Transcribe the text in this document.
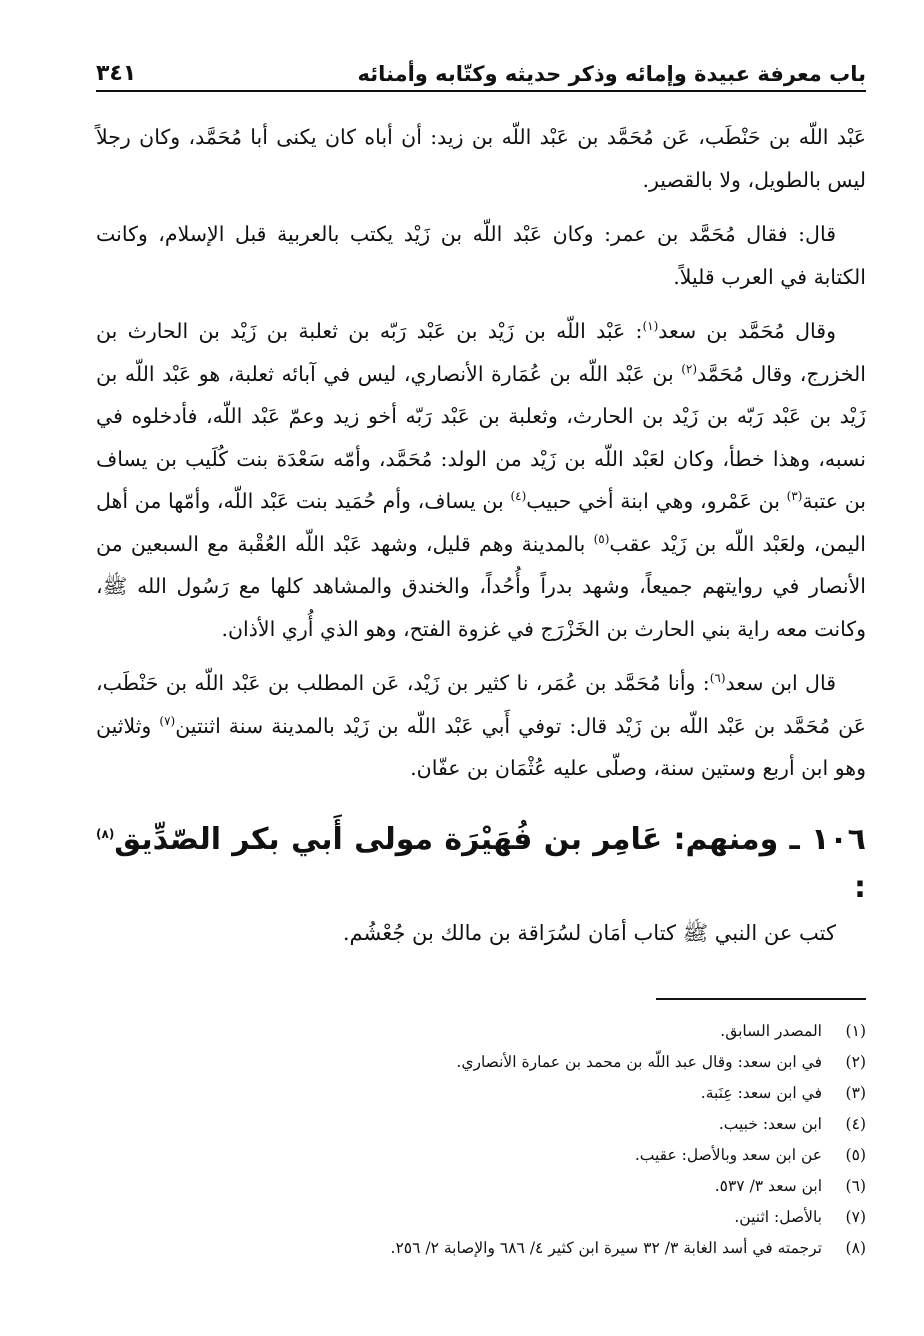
باب معرفة عبيدة وإمائه وذكر حديثه وكتّابه وأمنائه
٣٤١

عَبْد اللّه بن حَنْطَب، عَن مُحَمَّد بن عَبْد اللّه بن زيد: أن أباه كان يكنى أبا مُحَمَّد، وكان رجلاً ليس بالطويل، ولا بالقصير.

قال: فقال مُحَمَّد بن عمر: وكان عَبْد اللّه بن زَيْد يكتب بالعربية قبل الإسلام، وكانت الكتابة في العرب قليلاً.

وقال مُحَمَّد بن سعد$^{(١)}$: عَبْد اللّه بن زَيْد بن عَبْد رَبّه بن ثعلبة بن زَيْد بن الحارث بن الخزرج، وقال مُحَمَّد$^{(٢)}$ بن عَبْد اللّه بن عُمَارة الأنصاري، ليس في آبائه ثعلبة، هو عَبْد اللّه بن زَيْد بن عَبْد رَبّه بن زَيْد بن الحارث، وثعلبة بن عَبْد رَبّه أخو زيد وعمّ عَبْد اللّه، فأدخلوه في نسبه، وهذا خطأ، وكان لعَبْد اللّه بن زَيْد من الولد: مُحَمَّد، وأمّه سَعْدَة بنت كُلَيب بن يساف بن عتبة$^{(٣)}$ بن عَمْرو، وهي ابنة أخي حبيب$^{(٤)}$ بن يساف، وأم حُمَيد بنت عَبْد اللّه، وأمّها من أهل اليمن، ولعَبْد اللّه بن زَيْد عقب$^{(٥)}$ بالمدينة وهم قليل، وشهد عَبْد اللّه العُقْبة مع السبعين من الأنصار في روايتهم جميعاً، وشهد بدراً وأُحُداً، والخندق والمشاهد كلها مع رَسُول الله ﷺ، وكانت معه راية بني الحارث بن الخَزْرَج في غزوة الفتح، وهو الذي أُري الأذان.

قال ابن سعد$^{(٦)}$: وأنا مُحَمَّد بن عُمَر، نا كثير بن زَيْد، عَن المطلب بن عَبْد اللّه بن حَنْطَب، عَن مُحَمَّد بن عَبْد اللّه بن زَيْد قال: توفي أَبي عَبْد اللّه بن زَيْد بالمدينة سنة اثنتين$^{(٧)}$ وثلاثين وهو ابن أربع وستين سنة، وصلّى عليه عُثْمَان بن عفّان.

١٠٦ ـ ومنهم: عَامِر بن فُهَيْرَة مولى أَبي بكر الصّدِّيق$^{(٨)}$ :
كتب عن النبي ﷺ كتاب أمَان لسُرَاقة بن مالك بن جُعْشُم.
(١)
المصدر السابق.
(٢)
في ابن سعد: وقال عبد اللّه بن محمد بن عمارة الأنصاري.
(٣)
في ابن سعد: عِنَبة.
(٤)
ابن سعد: خبيب.
(٥)
عن ابن سعد وبالأصل: عقيب.
(٦)
ابن سعد ٣/ ٥٣٧.
(٧)
بالأصل: اثنين.
(٨)
ترجمته في أسد الغابة ٣/ ٣٢ سيرة ابن كثير ٤/ ٦٨٦ والإصابة ٢/ ٢٥٦.
